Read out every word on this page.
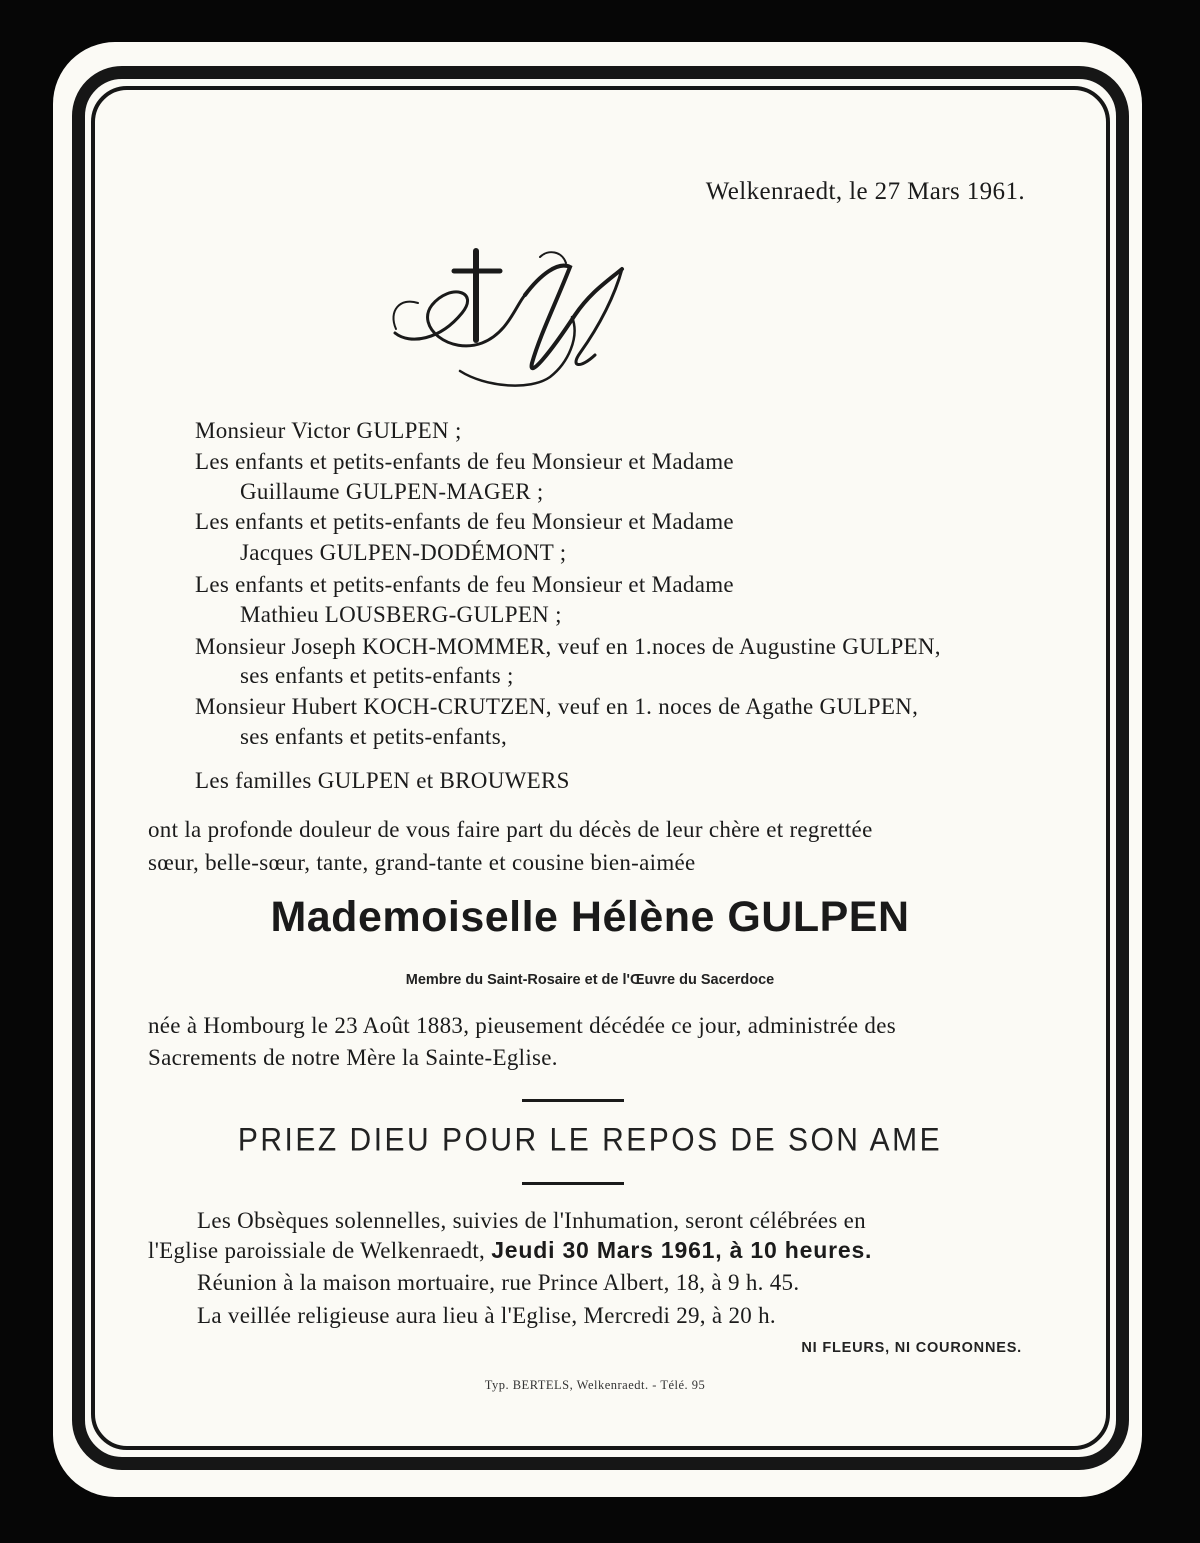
Welkenraedt, le 27 Mars 1961.
Monsieur Victor GULPEN ;
Les enfants et petits-enfants de feu Monsieur et Madame
Guillaume GULPEN-MAGER ;
Les enfants et petits-enfants de feu Monsieur et Madame
Jacques GULPEN-DODÉMONT ;
Les enfants et petits-enfants de feu Monsieur et Madame
Mathieu LOUSBERG-GULPEN ;
Monsieur Joseph KOCH-MOMMER, veuf en 1.noces de Augustine GULPEN,
ses enfants et petits-enfants ;
Monsieur Hubert KOCH-CRUTZEN, veuf en 1. noces de Agathe GULPEN,
ses enfants et petits-enfants,
Les familles GULPEN et BROUWERS
ont la profonde douleur de vous faire part du décès de leur chère et regrettée
sœur, belle-sœur, tante, grand-tante et cousine bien-aimée
Mademoiselle Hélène GULPEN
Membre du Saint-Rosaire et de l'Œuvre du Sacerdoce
née à Hombourg le 23 Août 1883, pieusement décédée ce jour, administrée des
Sacrements de notre Mère la Sainte-Eglise.
PRIEZ DIEU POUR LE REPOS DE SON AME
Les Obsèques solennelles, suivies de l'Inhumation, seront célébrées en
l'Eglise paroissiale de Welkenraedt, Jeudi 30 Mars 1961, à 10 heures.
Réunion à la maison mortuaire, rue Prince Albert, 18, à 9 h. 45.
La veillée religieuse aura lieu à l'Eglise, Mercredi 29, à 20 h.
NI FLEURS, NI COURONNES.
Typ. BERTELS, Welkenraedt. - Télé. 95
